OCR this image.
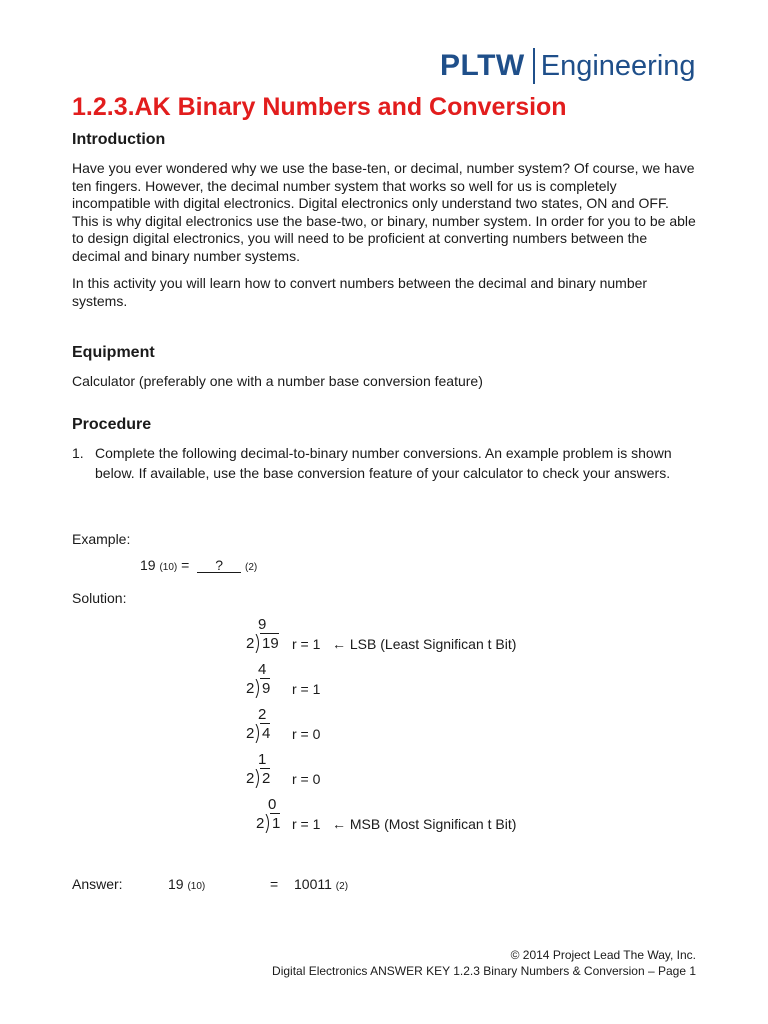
PLTW Engineering
1.2.3.AK Binary Numbers and Conversion
Introduction
Have you ever wondered why we use the base-ten, or decimal, number system? Of course, we have ten fingers. However, the decimal number system that works so well for us is completely incompatible with digital electronics. Digital electronics only understand two states, ON and OFF. This is why digital electronics use the base-two, or binary, number system. In order for you to be able to design digital electronics, you will need to be proficient at converting numbers between the decimal and binary number systems.
In this activity you will learn how to convert numbers between the decimal and binary number systems.
Equipment
Calculator (preferably one with a number base conversion feature)
Procedure
1. Complete the following decimal-to-binary number conversions. An example problem is shown below. If available, use the base conversion feature of your calculator to check your answers.
Example:
19 (10) = ? (2)
Solution:
9
2 19 r = 1 ← LSB (Least Significan t Bit)
4
2 9 r = 1
2
2 4 r = 0
1
2 2 r = 0
0
2 1 r = 1 ← MSB (Most Significan t Bit)
Answer:	19 (10)	= 10011 (2)
© 2014 Project Lead The Way, Inc.
Digital Electronics ANSWER KEY 1.2.3 Binary Numbers & Conversion – Page 1
